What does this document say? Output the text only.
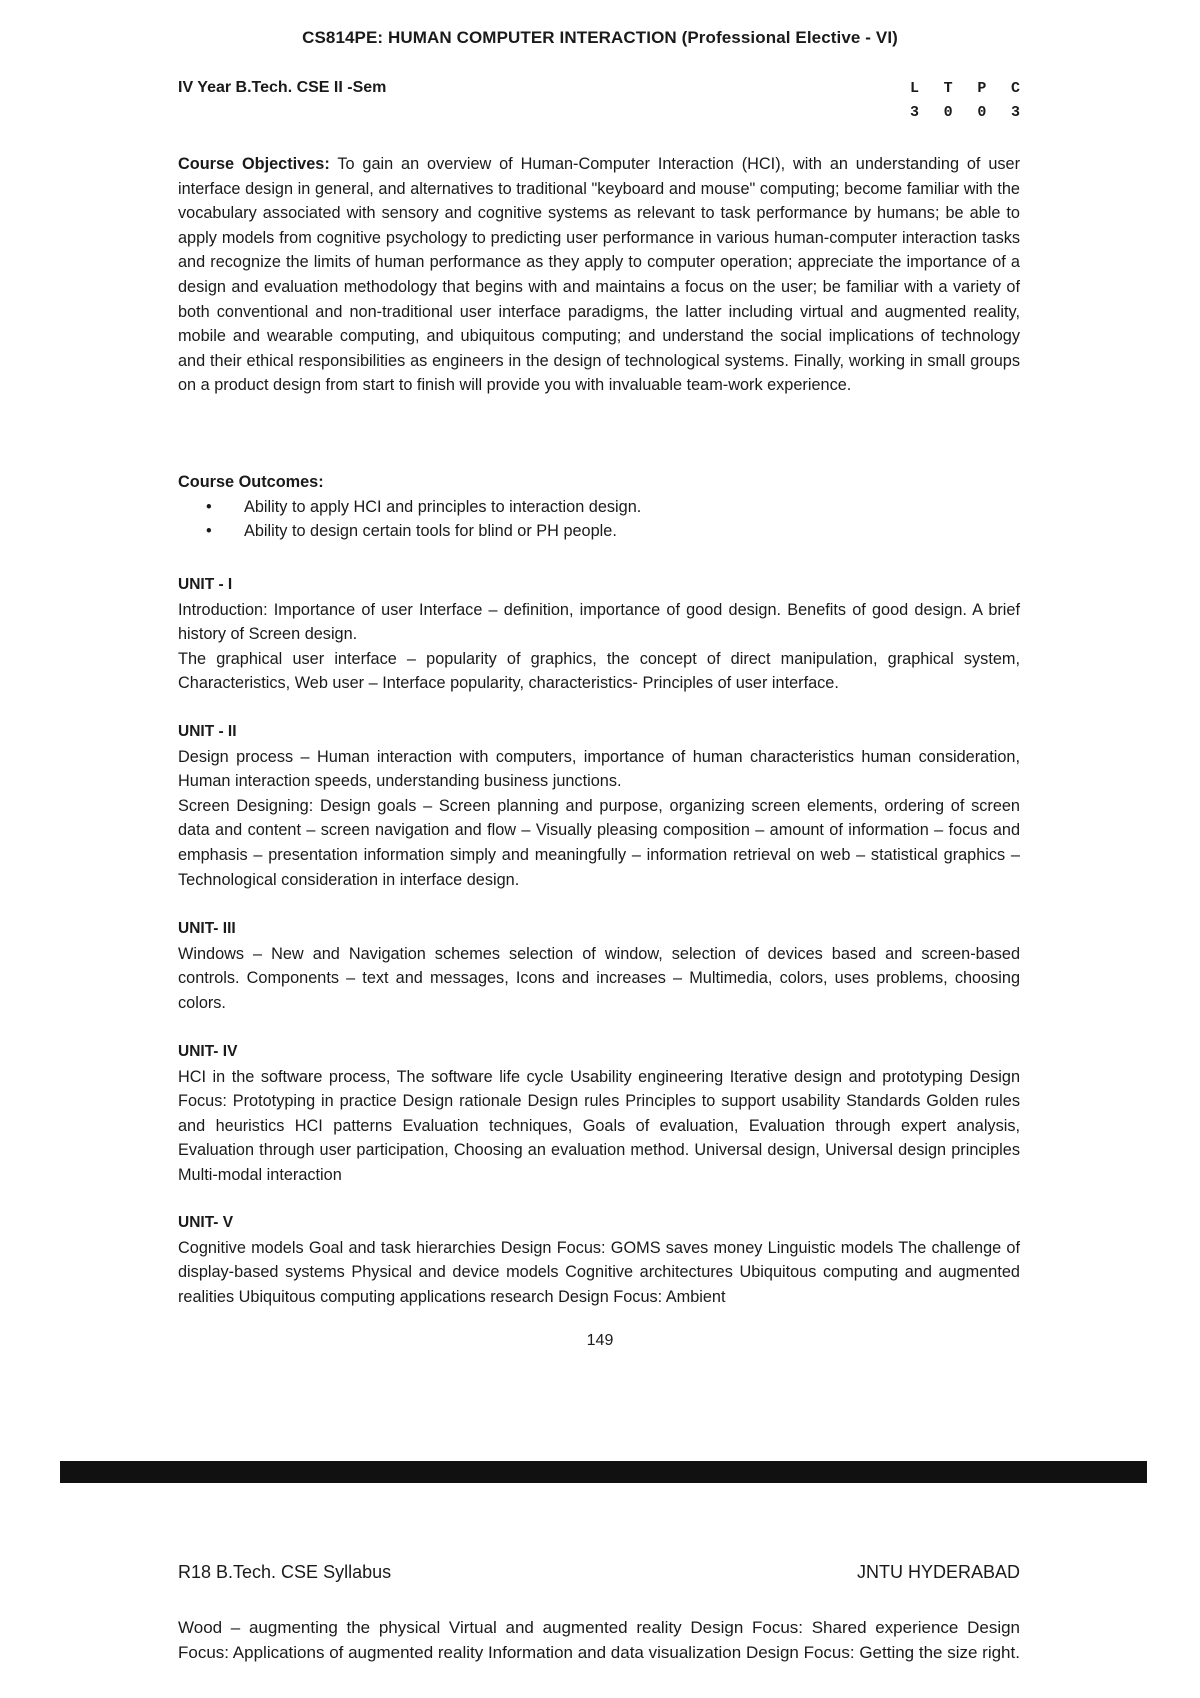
CS814PE: HUMAN COMPUTER INTERACTION (Professional Elective - VI)
IV Year B.Tech. CSE II -Sem	L T P C
3 0 0 3
Course Objectives: To gain an overview of Human-Computer Interaction (HCI), with an understanding of user interface design in general, and alternatives to traditional "keyboard and mouse" computing; become familiar with the vocabulary associated with sensory and cognitive systems as relevant to task performance by humans; be able to apply models from cognitive psychology to predicting user performance in various human-computer interaction tasks and recognize the limits of human performance as they apply to computer operation; appreciate the importance of a design and evaluation methodology that begins with and maintains a focus on the user; be familiar with a variety of both conventional and non-traditional user interface paradigms, the latter including virtual and augmented reality, mobile and wearable computing, and ubiquitous computing; and understand the social implications of technology and their ethical responsibilities as engineers in the design of technological systems. Finally, working in small groups on a product design from start to finish will provide you with invaluable team-work experience.
Course Outcomes:
• Ability to apply HCI and principles to interaction design.
• Ability to design certain tools for blind or PH people.
UNIT - I

Introduction: Importance of user Interface – definition, importance of good design. Benefits of good design. A brief history of Screen design.

The graphical user interface – popularity of graphics, the concept of direct manipulation, graphical system, Characteristics, Web user – Interface popularity, characteristics- Principles of user interface.

UNIT - II

Design process – Human interaction with computers, importance of human characteristics human consideration, Human interaction speeds, understanding business junctions.

Screen Designing: Design goals – Screen planning and purpose, organizing screen elements, ordering of screen data and content – screen navigation and flow – Visually pleasing composition – amount of information – focus and emphasis – presentation information simply and meaningfully – information retrieval on web – statistical graphics – Technological consideration in interface design.

UNIT- III

Windows – New and Navigation schemes selection of window, selection of devices based and screen-based controls. Components – text and messages, Icons and increases – Multimedia, colors, uses problems, choosing colors.

UNIT- IV

HCI in the software process, The software life cycle Usability engineering Iterative design and prototyping Design Focus: Prototyping in practice Design rationale Design rules Principles to support usability Standards Golden rules and heuristics HCI patterns Evaluation techniques, Goals of evaluation, Evaluation through expert analysis, Evaluation through user participation, Choosing an evaluation method. Universal design, Universal design principles Multi-modal interaction

UNIT- V

Cognitive models Goal and task hierarchies Design Focus: GOMS saves money Linguistic models The challenge of display-based systems Physical and device models Cognitive architectures Ubiquitous computing and augmented realities Ubiquitous computing applications research Design Focus: Ambient

149
R18 B.Tech. CSE Syllabus	JNTU HYDERABAD
Wood – augmenting the physical Virtual and augmented reality Design Focus: Shared experience Design Focus: Applications of augmented reality Information and data visualization Design Focus: Getting the size right.
